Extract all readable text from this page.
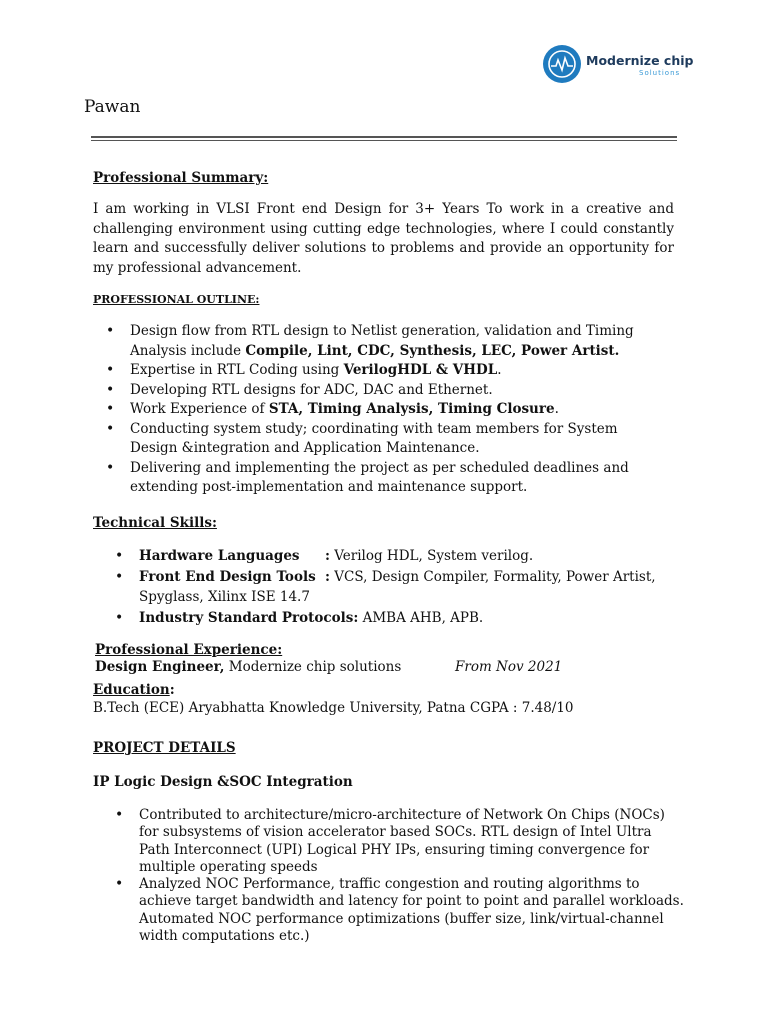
Modernize chip
Solutions
Pawan
Professional Summary:
I am working in VLSI Front end Design for 3+ Years To work in a creative and challenging environment using cutting edge technologies, where I could constantly learn and successfully deliver solutions to problems and provide an opportunity for my professional advancement.
PROFESSIONAL OUTLINE:
• Design flow from RTL design to Netlist generation, validation and Timing Analysis include Compile, Lint, CDC, Synthesis, LEC, Power Artist.
• Expertise in RTL Coding using VerilogHDL & VHDL.
• Developing RTL designs for ADC, DAC and Ethernet.
• Work Experience of STA, Timing Analysis, Timing Closure.
• Conducting system study; coordinating with team members for System Design &integration and Application Maintenance.
• Delivering and implementing the project as per scheduled deadlines and extending post-implementation and maintenance support.
Technical Skills:
• Hardware Languages : Verilog HDL, System verilog.
• Front End Design Tools : VCS, Design Compiler, Formality, Power Artist, Spyglass, Xilinx ISE 14.7
• Industry Standard Protocols: AMBA AHB, APB.
Professional Experience:
Design Engineer, Modernize chip solutions	From Nov 2021
Education:
B.Tech (ECE) Aryabhatta Knowledge University, Patna CGPA : 7.48/10
PROJECT DETAILS
IP Logic Design &SOC Integration
• Contributed to architecture/micro-architecture of Network On Chips (NOCs) for subsystems of vision accelerator based SOCs. RTL design of Intel Ultra Path Interconnect (UPI) Logical PHY IPs, ensuring timing convergence for multiple operating speeds
• Analyzed NOC Performance, traffic congestion and routing algorithms to achieve target bandwidth and latency for point to point and parallel workloads. Automated NOC performance optimizations (buffer size, link/virtual-channel width computations etc.)
